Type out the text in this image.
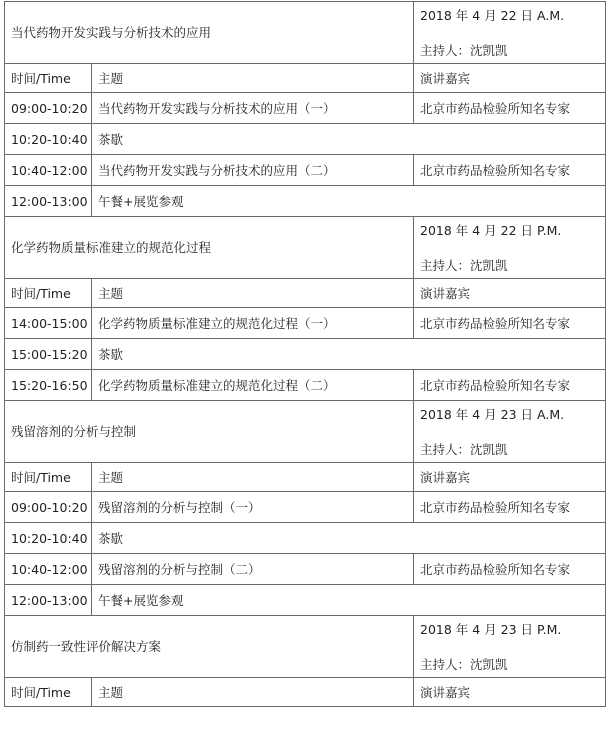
当代药物开发实践与分析技术的应用		2018 年 4 月 22 日 A.M.
主持人：沈凯凯

时间/Time	主题	演讲嘉宾
09:00-10:20	当代药物开发实践与分析技术的应用（一）	北京市药品检验所知名专家
10:20-10:40	茶歇	
10:40-12:00	当代药物开发实践与分析技术的应用（二）	北京市药品检验所知名专家
12:00-13:00	午餐+展览参观	
化学药物质量标准建立的规范化过程		2018 年 4 月 22 日 P.M.
主持人：沈凯凯

时间/Time	主题	演讲嘉宾
14:00-15:00	化学药物质量标准建立的规范化过程（一）	北京市药品检验所知名专家
15:00-15:20	茶歇	
15:20-16:50	化学药物质量标准建立的规范化过程（二）	北京市药品检验所知名专家
残留溶剂的分析与控制		2018 年 4 月 23 日 A.M.
主持人：沈凯凯

时间/Time	主题	演讲嘉宾
09:00-10:20	残留溶剂的分析与控制（一）	北京市药品检验所知名专家
10:20-10:40	茶歇	
10:40-12:00	残留溶剂的分析与控制（二）	北京市药品检验所知名专家
12:00-13:00	午餐+展览参观	
仿制药一致性评价解决方案		2018 年 4 月 23 日 P.M.
主持人：沈凯凯

时间/Time	主题	演讲嘉宾
